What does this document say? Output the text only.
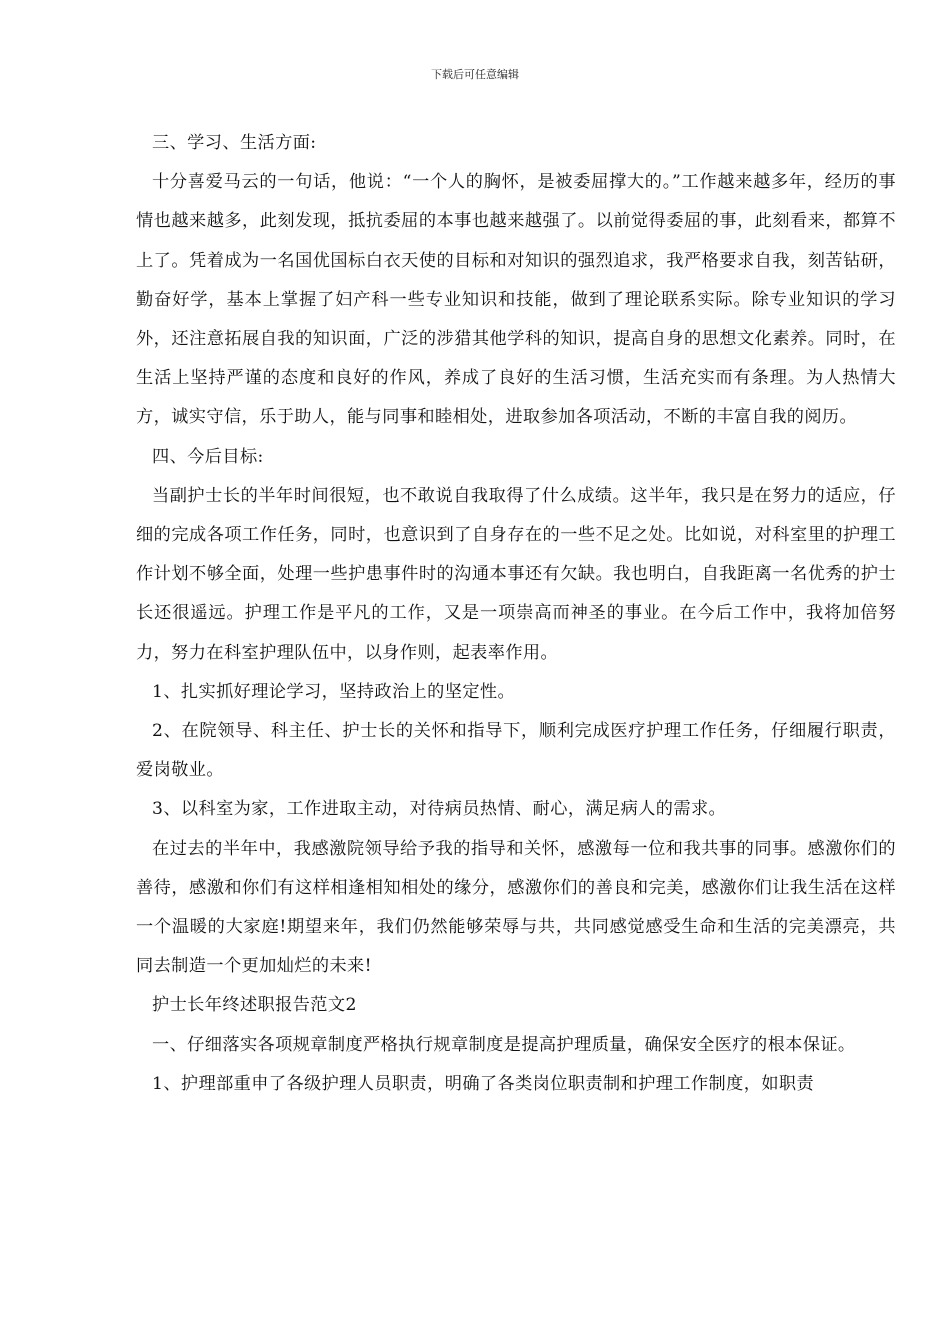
下载后可任意编辑

三、学习、生活方面:

十分喜爱马云的一句话，他说：“一个人的胸怀，是被委屈撑大的。”工作越来越多年，经历的事情也越来越多，此刻发现，抵抗委屈的本事也越来越强了。以前觉得委屈的事，此刻看来，都算不上了。凭着成为一名国优国标白衣天使的目标和对知识的强烈追求，我严格要求自我，刻苦钻研，勤奋好学，基本上掌握了妇产科一些专业知识和技能，做到了理论联系实际。除专业知识的学习外，还注意拓展自我的知识面，广泛的涉猎其他学科的知识，提高自身的思想文化素养。同时，在生活上坚持严谨的态度和良好的作风，养成了良好的生活习惯，生活充实而有条理。为人热情大方，诚实守信，乐于助人，能与同事和睦相处，进取参加各项活动，不断的丰富自我的阅历。

四、今后目标:

当副护士长的半年时间很短，也不敢说自我取得了什么成绩。这半年，我只是在努力的适应，仔细的完成各项工作任务，同时，也意识到了自身存在的一些不足之处。比如说，对科室里的护理工作计划不够全面，处理一些护患事件时的沟通本事还有欠缺。我也明白，自我距离一名优秀的护士长还很遥远。护理工作是平凡的工作，又是一项崇高而神圣的事业。在今后工作中，我将加倍努力，努力在科室护理队伍中，以身作则，起表率作用。

1、扎实抓好理论学习，坚持政治上的坚定性。

2、在院领导、科主任、护士长的关怀和指导下，顺利完成医疗护理工作任务，仔细履行职责，爱岗敬业。

3、以科室为家，工作进取主动，对待病员热情、耐心，满足病人的需求。

在过去的半年中，我感激院领导给予我的指导和关怀，感激每一位和我共事的同事。感激你们的善待，感激和你们有这样相逢相知相处的缘分，感激你们的善良和完美，感激你们让我生活在这样一个温暖的大家庭!期望来年，我们仍然能够荣辱与共，共同感觉感受生命和生活的完美漂亮，共同去制造一个更加灿烂的未来!

护士长年终述职报告范文2

一、仔细落实各项规章制度严格执行规章制度是提高护理质量，确保安全医疗的根本保证。

1、护理部重申了各级护理人员职责，明确了各类岗位职责制和护理工作制度，如职责
